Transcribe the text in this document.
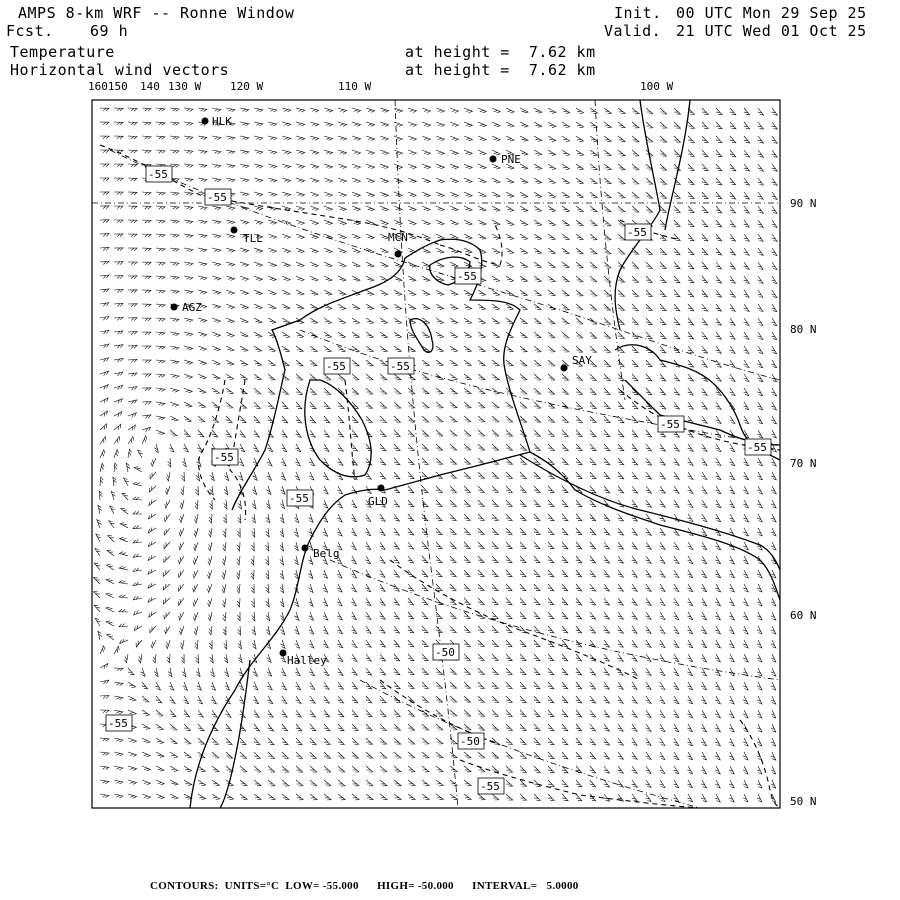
AMPS 8-km WRF -- Ronne Window
Fcst. 69 h
Init. 00 UTC Mon 29 Sep 25
Valid. 21 UTC Wed 01 Oct 25
Temperature
Horizontal wind vectors
at height =  7.62 km
at height =  7.62 km
160150 140 130 W	120 W	110 W	100 W
90 N
80 N
70 N
60 N
50 N
HLK
PNE
TLL	MCN
AGZ
SAY
GLD
Belg
Halley
-55
-55
-55
-55
-55	-55
-55
-55
-55
-55
-55
-50
-50
-55
CONTOURS:  UNITS=°C  LOW= -55.000      HIGH= -50.000      INTERVAL=   5.0000
